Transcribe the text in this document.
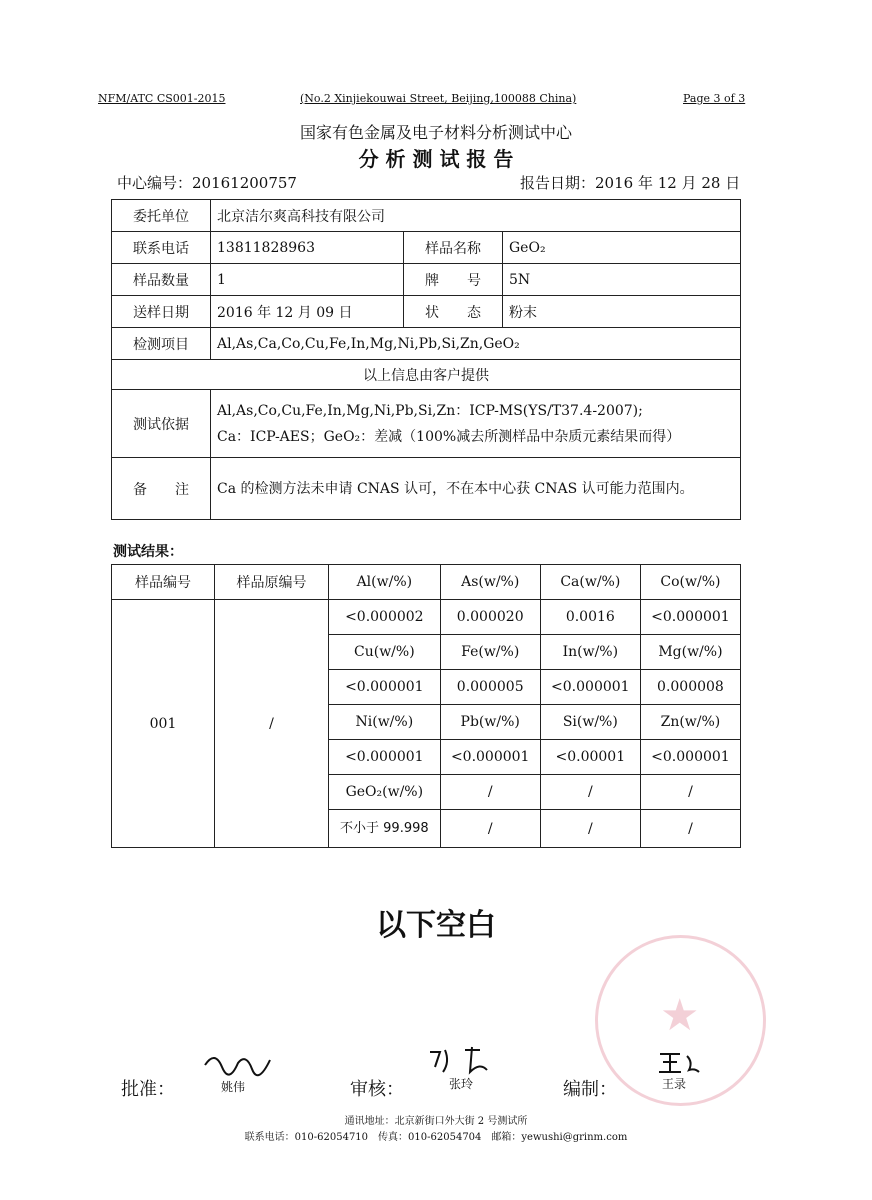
NFM/ATC CS001-2015	(No.2 Xinjiekouwai Street, Beijing,100088 China)	Page 3 of 3
国家有色金属及电子材料分析测试中心
分 析 测 试 报 告
中心编号：20161200757	报告日期：2016 年 12 月 28 日
委托单位	北京洁尔爽高科技有限公司		
联系电话	13811828963	样品名称	GeO₂
样品数量	1	牌　　号	5N
送样日期	2016 年 12 月 09 日	状　　态	粉末
检测项目	Al,As,Ca,Co,Cu,Fe,In,Mg,Ni,Pb,Si,Zn,GeO₂		
以上信息由客户提供			
测试依据	Al,As,Co,Cu,Fe,In,Mg,Ni,Pb,Si,Zn：ICP-MS(YS/T37.4-2007);
Ca：ICP-AES；GeO₂：差减（100%减去所测样品中杂质元素结果而得）		

备　　注	Ca 的检测方法未申请 CNAS 认可，不在本中心获 CNAS 认可能力范围内。		
测试结果：
样品编号	样品原编号	Al(w/%)	As(w/%)	Ca(w/%)	Co(w/%)
001	/	<0.000002	0.000020	0.0016	<0.000001
		Cu(w/%)	Fe(w/%)	In(w/%)	Mg(w/%)
		<0.000001	0.000005	<0.000001	0.000008
		Ni(w/%)	Pb(w/%)	Si(w/%)	Zn(w/%)
		<0.000001	<0.000001	<0.00001	<0.000001
		GeO₂(w/%)	/	/	/
		不小于 99.998	/	/	/
以下空白
★
批准：	姚伟	审核：	张玲	编制：	王录
通讯地址：北京新街口外大街 2 号测试所
联系电话：010-62054710　传真：010-62054704　邮箱：yewushi@grinm.com
